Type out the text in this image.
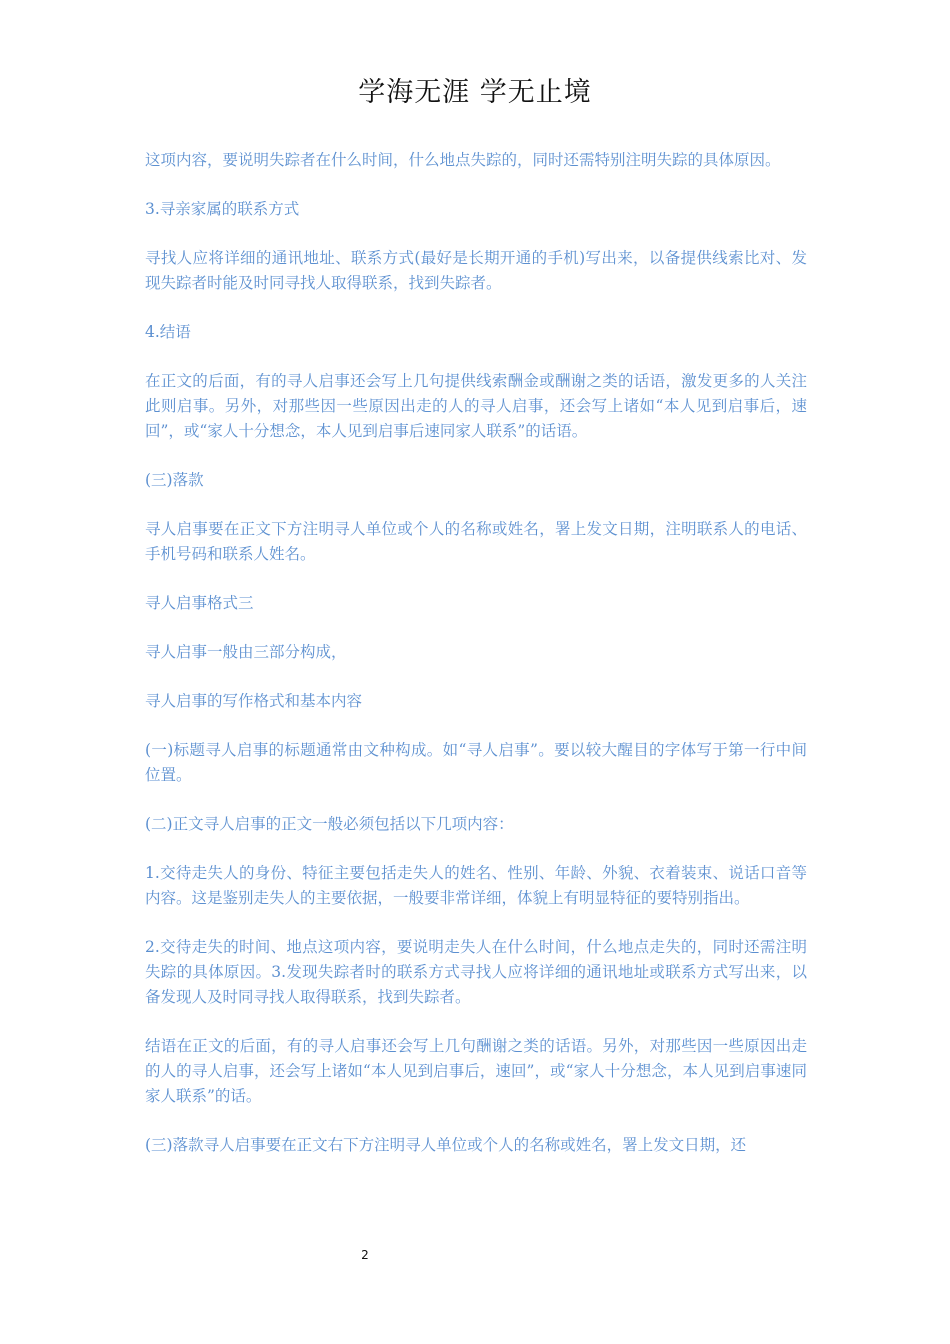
学海无涯 学无止境

这项内容，要说明失踪者在什么时间，什么地点失踪的，同时还需特别注明失踪的具体原因。

3.寻亲家属的联系方式

寻找人应将详细的通讯地址、联系方式(最好是长期开通的手机)写出来，以备提供线索比对、发现失踪者时能及时同寻找人取得联系，找到失踪者。

4.结语

在正文的后面，有的寻人启事还会写上几句提供线索酬金或酬谢之类的话语，激发更多的人关注此则启事。另外，对那些因一些原因出走的人的寻人启事，还会写上诸如“本人见到启事后，速回”，或“家人十分想念，本人见到启事后速同家人联系”的话语。

(三)落款

寻人启事要在正文下方注明寻人单位或个人的名称或姓名，署上发文日期，注明联系人的电话、手机号码和联系人姓名。

寻人启事格式三

寻人启事一般由三部分构成，

寻人启事的写作格式和基本内容

(一)标题寻人启事的标题通常由文种构成。如“寻人启事”。要以较大醒目的字体写于第一行中间位置。

(二)正文寻人启事的正文一般必须包括以下几项内容：

1.交待走失人的身份、特征主要包括走失人的姓名、性别、年龄、外貌、衣着装束、说话口音等内容。这是鉴别走失人的主要依据，一般要非常详细，体貌上有明显特征的要特别指出。

2.交待走失的时间、地点这项内容，要说明走失人在什么时间，什么地点走失的，同时还需注明失踪的具体原因。3.发现失踪者时的联系方式寻找人应将详细的通讯地址或联系方式写出来，以备发现人及时同寻找人取得联系，找到失踪者。

结语在正文的后面，有的寻人启事还会写上几句酬谢之类的话语。另外，对那些因一些原因出走的人的寻人启事，还会写上诸如“本人见到启事后，速回”，或“家人十分想念，本人见到启事速同家人联系”的话。

(三)落款寻人启事要在正文右下方注明寻人单位或个人的名称或姓名，署上发文日期，还

2
